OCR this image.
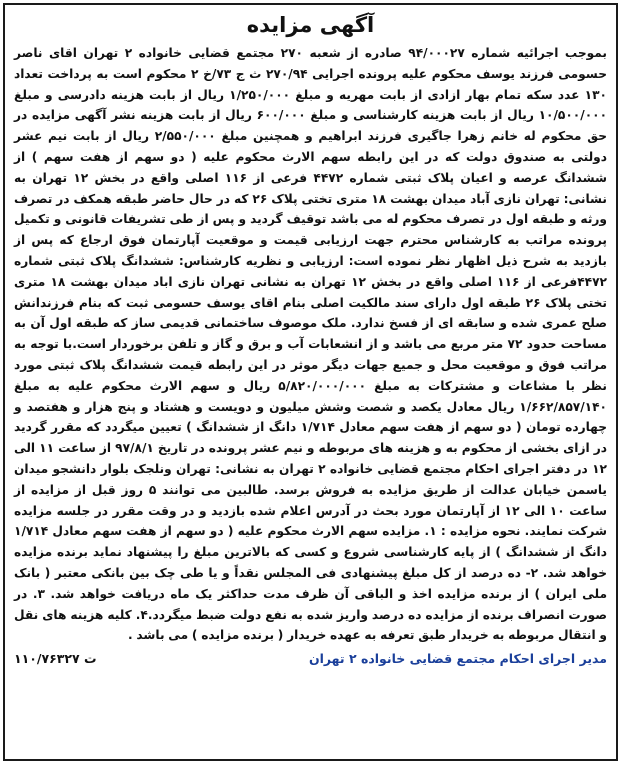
آگهی مزایده

بموجب اجرائیه شماره ۹۴/۰۰۰۲۷ صادره از شعبه ۲۷۰ مجتمع قضایی خانواده ۲ تهران اقای ناصر حسومی فرزند یوسف محکوم علیه پرونده اجرایی ۲۷۰/۹۴ ث ج ۷۳/خ ۲ محکوم است به پرداخت تعداد ۱۳۰ عدد سکه تمام بهار ازادی از بابت مهریه و مبلغ ۱/۲۵۰/۰۰۰ ریال از بابت هزینه دادرسی و مبلغ ۱۰/۵۰۰/۰۰۰ ریال از بابت هزینه کارشناسی و مبلغ ۶۰۰/۰۰۰ ریال از بابت هزینه نشر آگهی مزایده در حق محکوم له خانم زهرا جاگیری فرزند ابراهیم و همچنین مبلغ ۲/۵۵۰/۰۰۰ ریال از بابت نیم عشر دولتی به صندوق دولت که در این رابطه سهم الارث محکوم علیه ( دو سهم از هفت سهم ) از ششدانگ عرصه و اعیان پلاک ثبتی شماره ۴۴۷۲ فرعی از ۱۱۶ اصلی واقع در بخش ۱۲ تهران به نشانی: تهران نازی آباد میدان بهشت ۱۸ متری تختی پلاک ۲۶ که در حال حاضر طبقه همکف در تصرف ورثه و طبقه اول در تصرف محکوم له می باشد توقیف گردید و پس از طی تشریفات قانونی و تکمیل پرونده مراتب به کارشناس محترم جهت ارزیابی قیمت و موقعیت آپارتمان فوق ارجاع که پس از بازدید به شرح ذیل اظهار نظر نموده است: ارزیابی و نظریه کارشناس: ششدانگ پلاک ثبتی شماره ۴۴۷۲فرعی از ۱۱۶ اصلی واقع در بخش ۱۲ تهران به نشانی تهران نازی اباد میدان بهشت ۱۸ متری تختی پلاک ۲۶ طبقه اول دارای سند مالکیت اصلی بنام اقای یوسف حسومی ثبت که بنام فرزندانش صلح عمری شده و سابقه ای از فسخ ندارد. ملک موصوف ساختمانی قدیمی ساز که طبقه اول آن به مساحت حدود ۷۲ متر مربع می باشد و از انشعابات آب و برق و گاز و تلفن برخوردار است.با توجه به مراتب فوق و موقعیت محل و جمیع جهات دیگر موثر در این رابطه قیمت ششدانگ پلاک ثبتی مورد نظر با مشاعات و مشترکات به مبلغ ۵/۸۲۰/۰۰۰/۰۰۰ ریال و سهم الارث محکوم علیه به مبلغ ۱/۶۶۲/۸۵۷/۱۴۰ ریال معادل یکصد و شصت وشش میلیون و دویست و هشتاد و پنج هزار و هفتصد و چهارده تومان ( دو سهم از هفت سهم معادل ۱/۷۱۴ دانگ از ششدانگ ) تعیین میگردد که مقرر گردید در ازای بخشی از محکوم به و هزینه های مربوطه و نیم عشر پرونده در تاریخ ۹۷/۸/۱ از ساعت ۱۱ الی ۱۲ در دفتر اجرای احکام مجتمع قضایی خانواده ۲ تهران به نشانی: تهران ونلجک بلوار دانشجو میدان یاسمن خیابان عدالت از طریق مزایده به فروش برسد. طالبین می توانند ۵ روز قبل از مزایده از ساعت ۱۰ الی ۱۲ از آپارتمان مورد بحث در آدرس اعلام شده بازدید و در وقت مقرر در جلسه مزایده شرکت نمایند. نحوه مزایده : ۱. مزایده سهم الارث محکوم علیه ( دو سهم از هفت سهم معادل ۱/۷۱۴ دانگ از ششدانگ ) از پایه کارشناسی شروع و کسی که بالاترین مبلغ را پیشنهاد نماید برنده مزایده خواهد شد. ۲- ده درصد از کل مبلغ پیشنهادی فی المجلس نقداً و یا طی چک بین بانکی معتبر ( بانک ملی ایران ) از برنده مزایده اخذ و الباقی آن ظرف مدت حداکثر یک ماه دریافت خواهد شد. ۳. در صورت انصراف برنده از مزایده ده درصد واریز شده به نفع دولت ضبط میگردد.۴. کلیه هزینه های نقل و انتقال مربوطه به خریدار طبق تعرفه به عهده خریدار ( برنده مزایده ) می باشد .

مدیر اجرای احکام مجتمع قضایی خانواده ۲ تهران
۱۱۰/۷۶۳۲۷ ت
